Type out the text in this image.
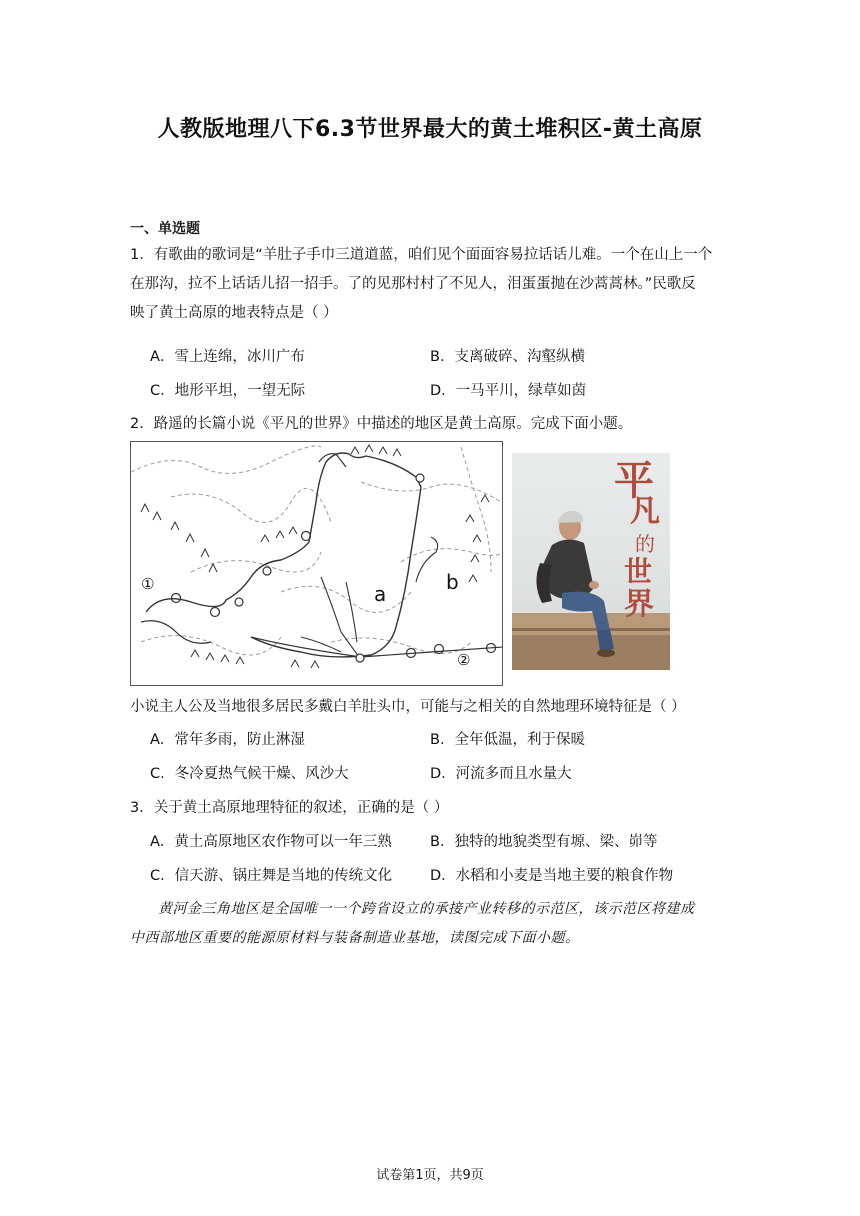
人教版地理八下6.3节世界最大的黄土堆积区-黄土高原
一、单选题
1．有歌曲的歌词是“羊肚子手巾三道道蓝，咱们见个面面容易拉话话儿难。一个在山上一个
在那沟，拉不上话话儿招一招手。了的见那村村了不见人，泪蛋蛋抛在沙蒿蒿林。”民歌反
映了黄土高原的地表特点是（ ）
A．雪上连绵，冰川广布	B．支离破碎、沟壑纵横
C．地形平坦，一望无际	D．一马平川，绿草如茵
2．路遥的长篇小说《平凡的世界》中描述的地区是黄土高原。完成下面小题。
a	b
①
②
平
凡
的
世
界
小说主人公及当地很多居民多戴白羊肚头巾，可能与之相关的自然地理环境特征是（ ）
A．常年多雨，防止淋湿	B．全年低温，利于保暖
C．冬冷夏热气候干燥、风沙大	D．河流多而且水量大
3．关于黄土高原地理特征的叙述，正确的是（ ）
A．黄土高原地区农作物可以一年三熟	B．独特的地貌类型有塬、梁、峁等
C．信天游、锅庄舞是当地的传统文化	D．水稻和小麦是当地主要的粮食作物
黄河金三角地区是全国唯一一个跨省设立的承接产业转移的示范区，该示范区将建成
中西部地区重要的能源原材料与装备制造业基地，读图完成下面小题。
试卷第1页，共9页
